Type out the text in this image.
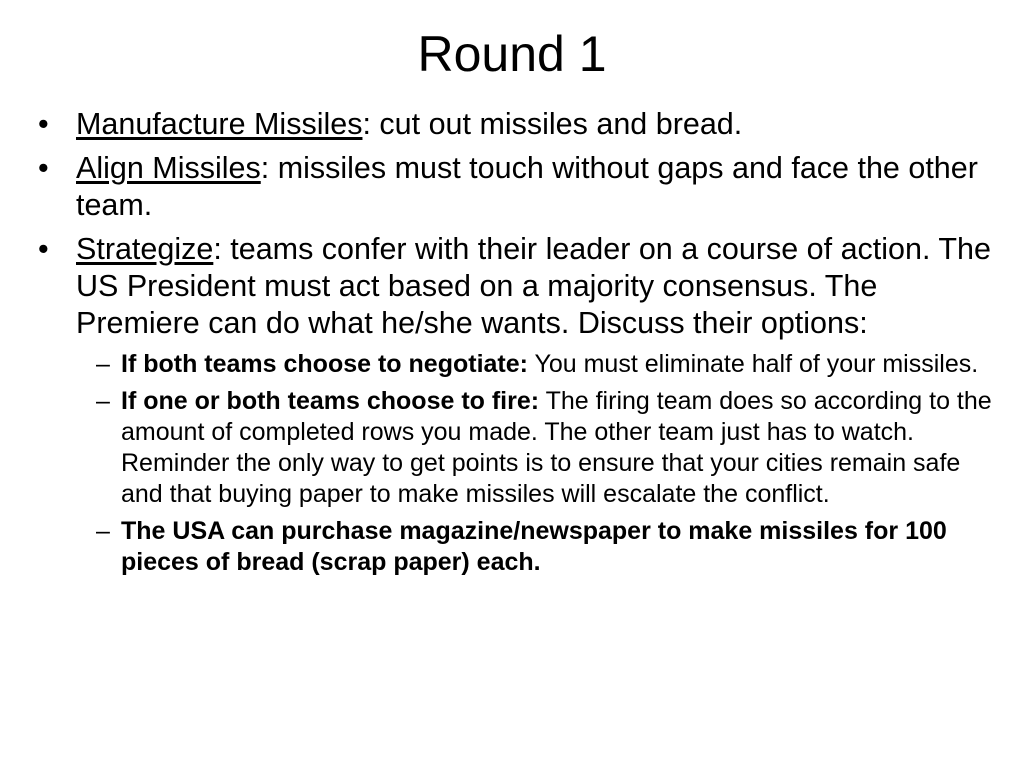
Round 1
• Manufacture Missiles: cut out missiles and bread.
• Align Missiles: missiles must touch without gaps and face the other team.
• Strategize: teams confer with their leader on a course of action. The US President must act based on a majority consensus. The Premiere can do what he/she wants. Discuss their options:
– If both teams choose to negotiate: You must eliminate half of your missiles.
– If one or both teams choose to fire: The firing team does so according to the amount of completed rows you made. The other team just has to watch. Reminder the only way to get points is to ensure that your cities remain safe and that buying paper to make missiles will escalate the conflict.
– The USA can purchase magazine/newspaper to make missiles for 100 pieces of bread (scrap paper) each.
